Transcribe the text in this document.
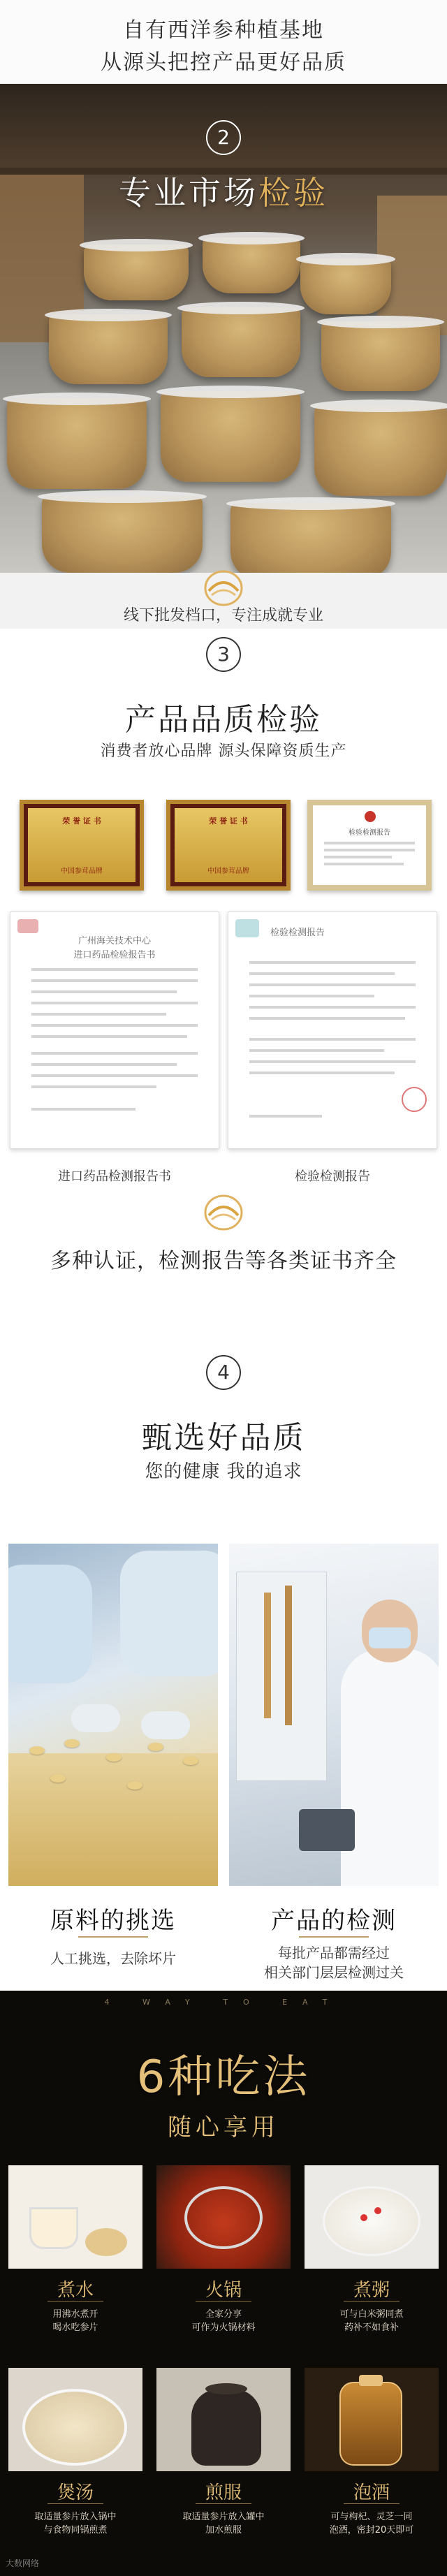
自有西洋参种植基地
从源头把控产品更好品质
2
专业市场检验
线下批发档口，专注成就专业
3
产品品质检验
消费者放心品牌 源头保障资质生产
荣 誉 证 书
中国参茸品牌
荣 誉 证 书
中国参茸品牌
检验检测报告
广州海关技术中心
进口药品检验报告书
检验检测报告
进口药品检测报告书	检验检测报告
多种认证，检测报告等各类证书齐全
4
甄选好品质
您的健康 我的追求
原料的挑选
人工挑选，去除坏片
产品的检测
每批产品都需经过
相关部门层层检测过关
4 WAY TO EAT
6种吃法
随心享用
煮水
用沸水煮开
喝水吃参片
火锅
全家分享
可作为火锅材料
煮粥
可与白米粥同煮
药补不如食补
煲汤
取适量参片放入锅中
与食物同锅煎煮
煎服
取适量参片放入罐中
加水煎服
泡酒
可与枸杞、灵芝一同
泡酒，密封20天即可
大数网络
